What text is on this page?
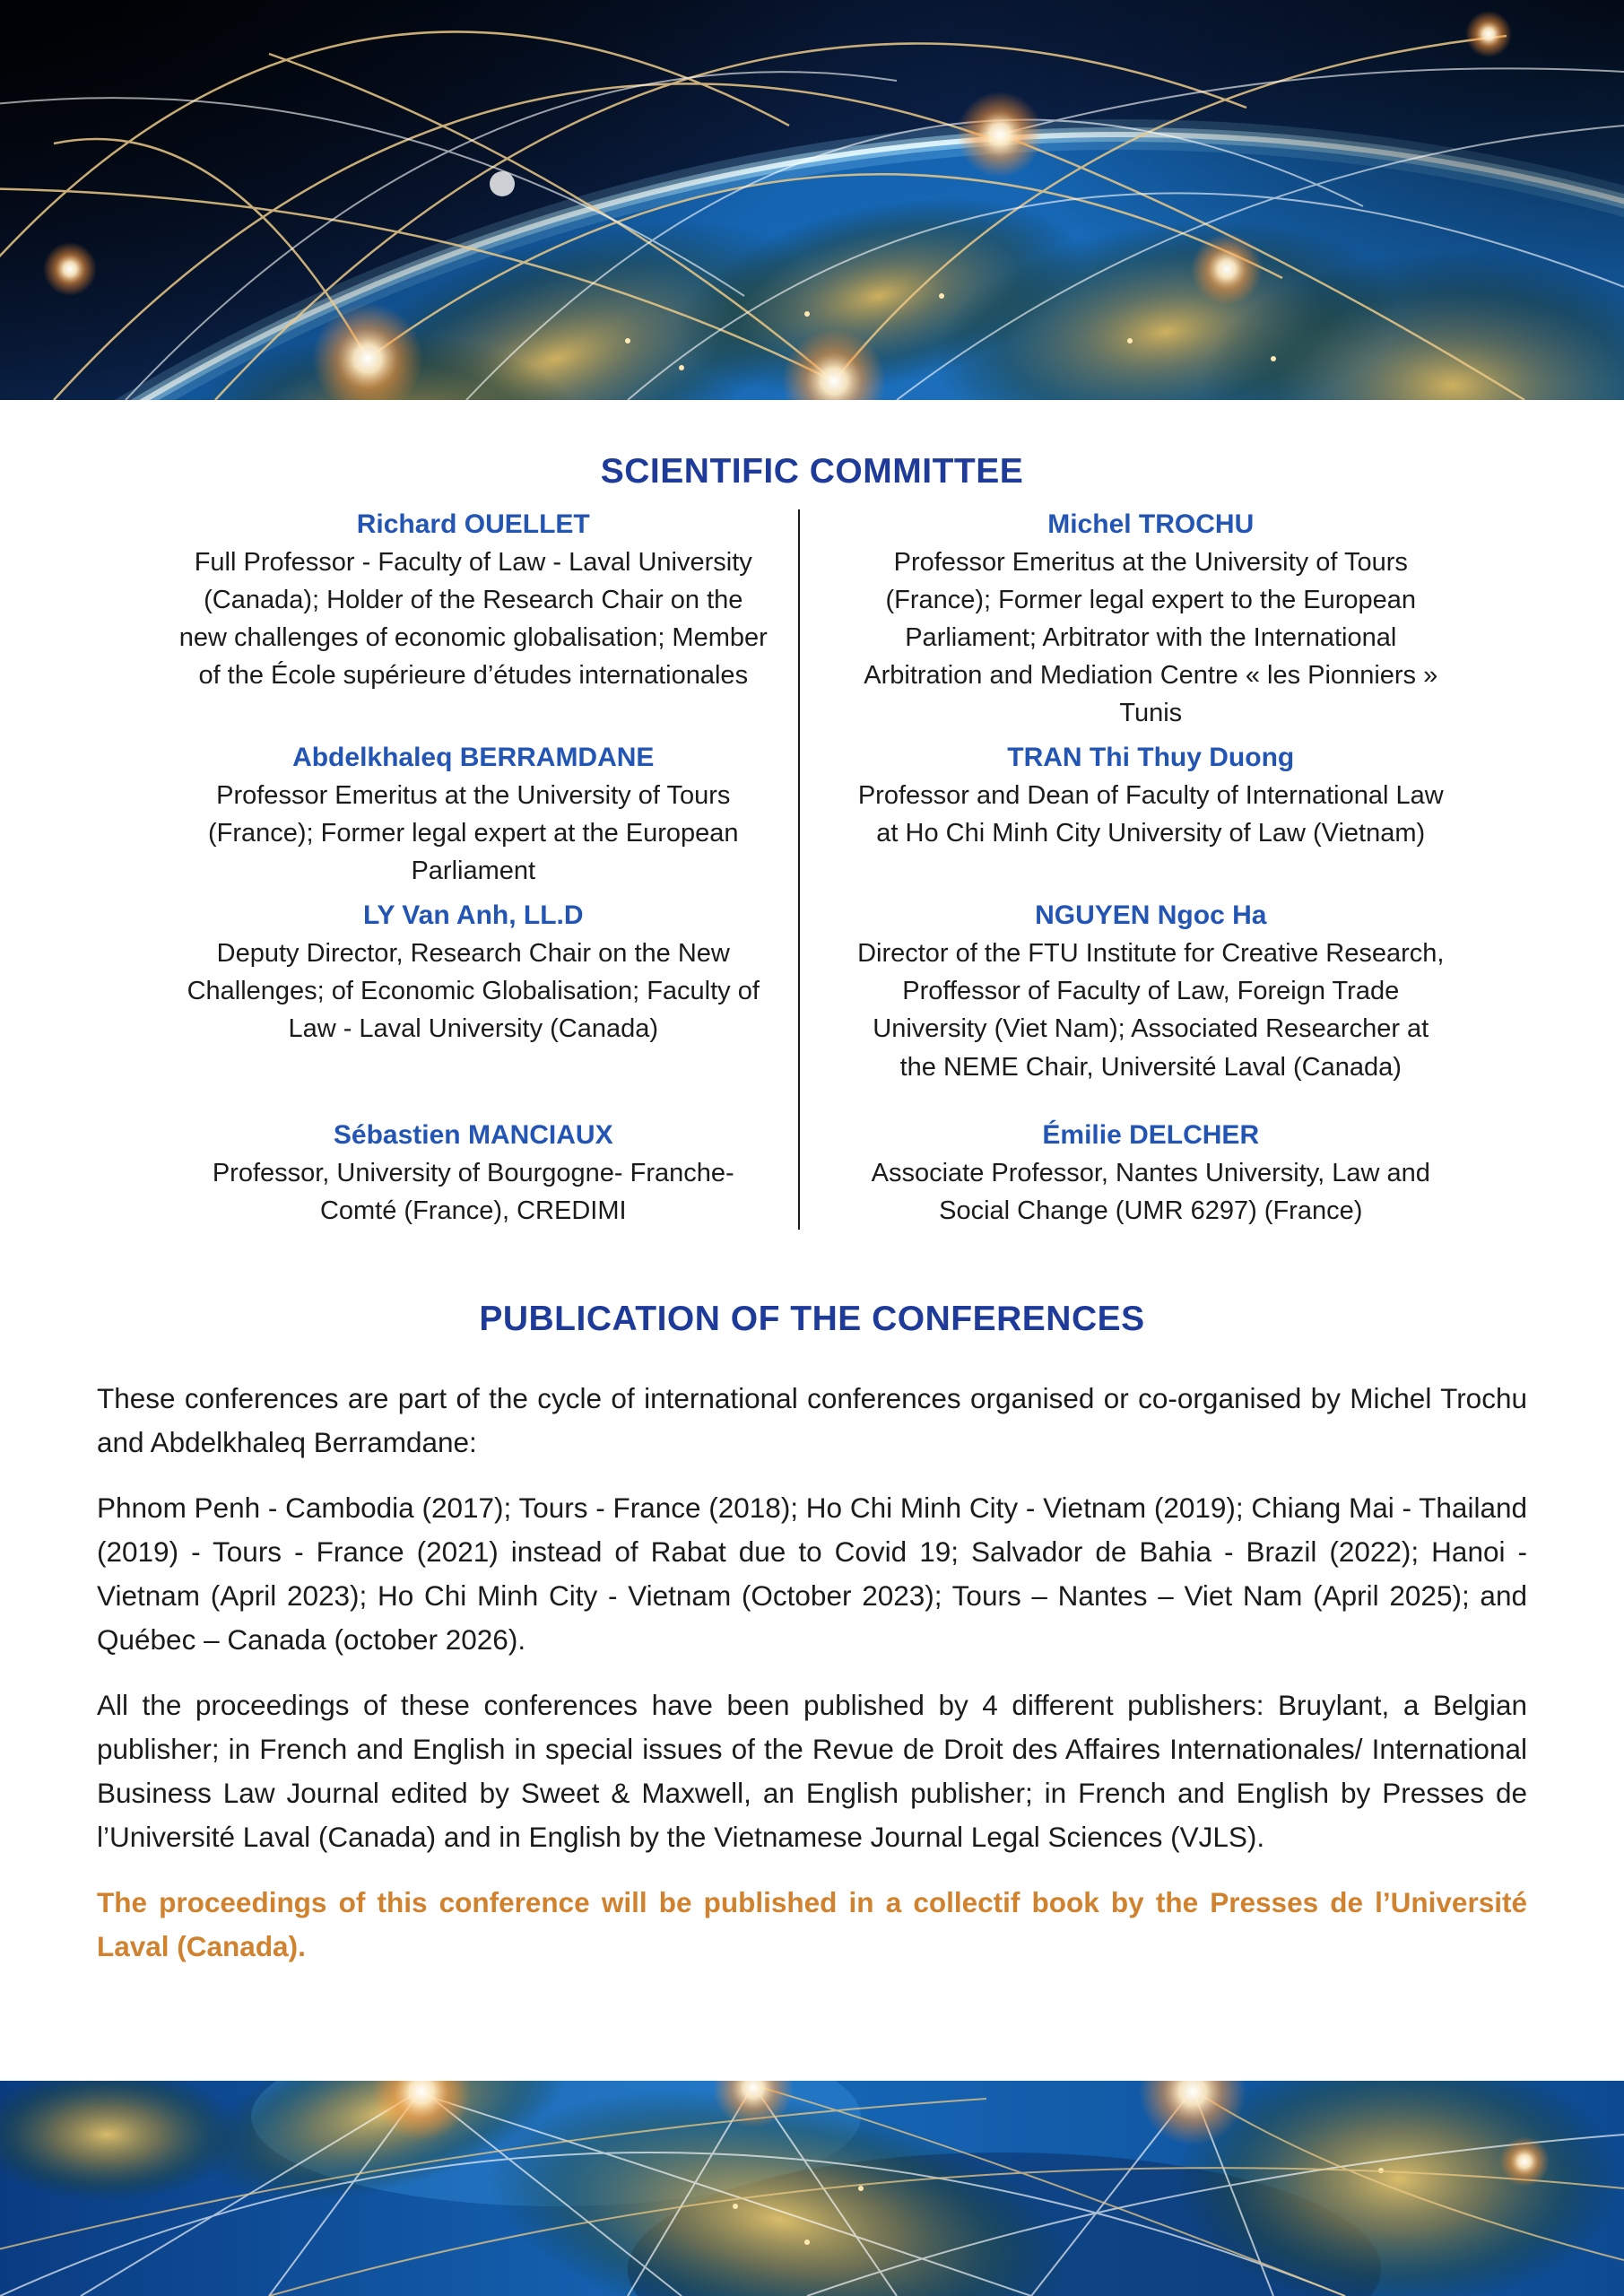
SCIENTIFIC COMMITTEE
Richard OUELLET
Full Professor - Faculty of Law - Laval University (Canada); Holder of the Research Chair on the new challenges of economic globalisation; Member of the École supérieure d’études internationales
Michel TROCHU
Professor Emeritus at the University of Tours (France); Former legal expert to the European Parliament; Arbitrator with the International Arbitration and Mediation Centre « les Pionniers » Tunis
Abdelkhaleq BERRAMDANE
Professor Emeritus at the University of Tours (France); Former legal expert at the European Parliament
TRAN Thi Thuy Duong
Professor and Dean of Faculty of International Law at Ho Chi Minh City University of Law (Vietnam)
LY Van Anh, LL.D
Deputy Director, Research Chair on the New Challenges; of Economic Globalisation; Faculty of Law - Laval University (Canada)
NGUYEN Ngoc Ha
Director of the FTU Institute for Creative Research, Proffessor of Faculty of Law, Foreign Trade University (Viet Nam); Associated Researcher at the NEME Chair, Université Laval (Canada)
Sébastien MANCIAUX
Professor, University of Bourgogne- Franche-Comté (France), CREDIMI
Émilie DELCHER
Associate Professor, Nantes University, Law and Social Change (UMR 6297) (France)
PUBLICATION OF THE CONFERENCES

These conferences are part of the cycle of international conferences organised or co-organised by Michel Trochu and Abdelkhaleq Berramdane:

Phnom Penh - Cambodia (2017); Tours - France (2018); Ho Chi Minh City - Vietnam (2019); Chiang Mai - Thailand (2019) - Tours - France (2021) instead of Rabat due to Covid 19; Salvador de Bahia - Brazil (2022); Hanoi - Vietnam (April 2023); Ho Chi Minh City - Vietnam (October 2023); Tours – Nantes – Viet Nam (April 2025); and Québec – Canada (october 2026).

All the proceedings of these conferences have been published by 4 different publishers: Bruylant, a Belgian publisher; in French and English in special issues of the Revue de Droit des Affaires Internationales/ International Business Law Journal edited by Sweet & Maxwell, an English publisher; in French and English by Presses de l’Université Laval (Canada) and in English by the Vietnamese Journal Legal Sciences (VJLS).

The proceedings of this conference will be published in a collectif book by the Presses de l’Université Laval (Canada).
